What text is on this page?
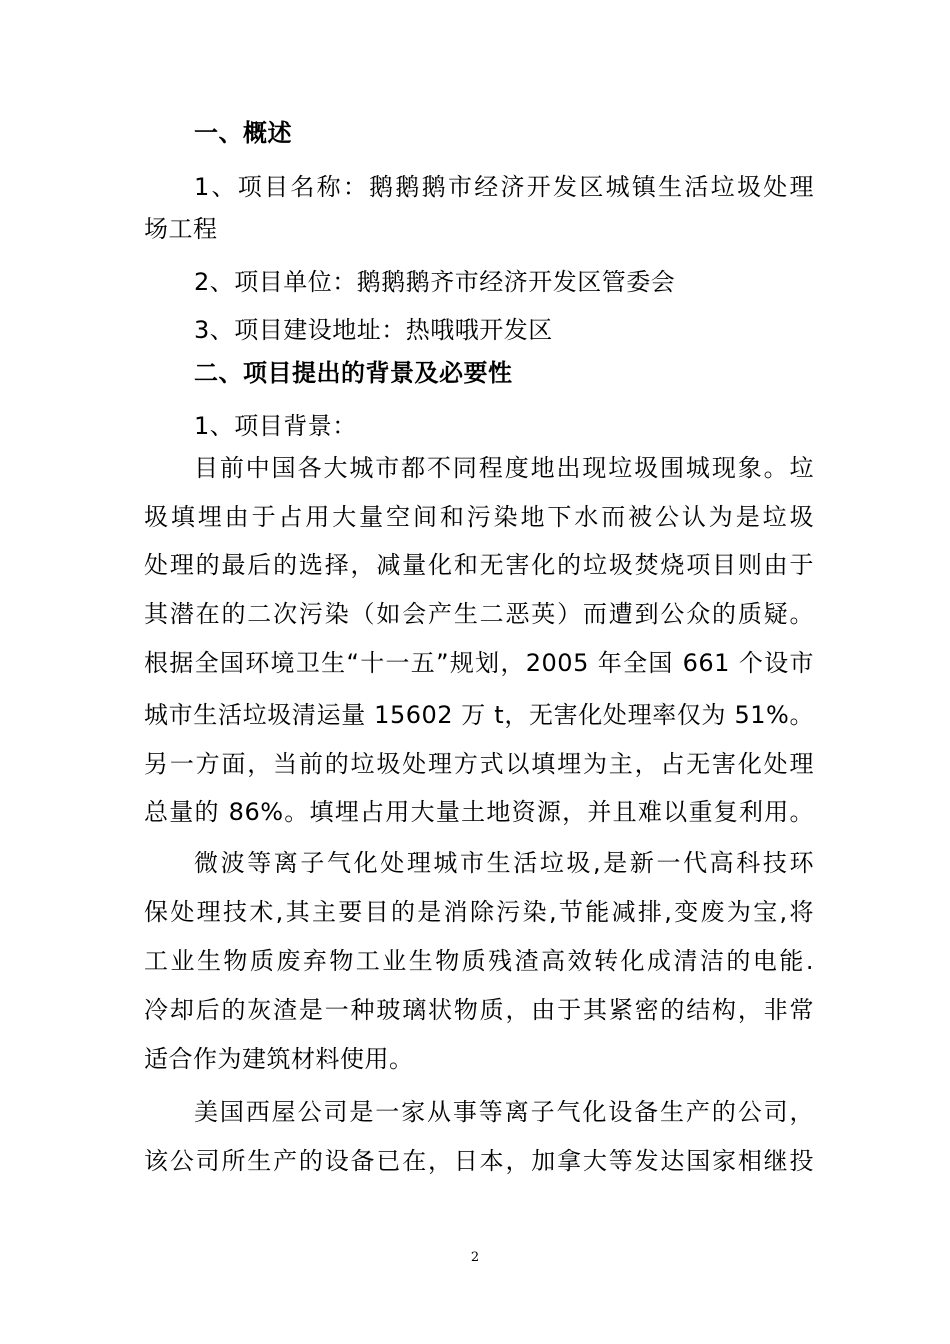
一、概述
1、项目名称：鹅鹅鹅市经济开发区城镇生活垃圾处理
场工程
2、项目单位：鹅鹅鹅齐市经济开发区管委会
3、项目建设地址：热哦哦开发区
二、项目提出的背景及必要性
1、项目背景：
目前中国各大城市都不同程度地出现垃圾围城现象。垃
圾填埋由于占用大量空间和污染地下水而被公认为是垃圾
处理的最后的选择，减量化和无害化的垃圾焚烧项目则由于
其潜在的二次污染（如会产生二恶英）而遭到公众的质疑。
根据全国环境卫生“十一五”规划，2005 年全国 661 个设市
城市生活垃圾清运量 15602 万 t，无害化处理率仅为 51%。
另一方面，当前的垃圾处理方式以填埋为主，占无害化处理
总量的 86%。填埋占用大量土地资源，并且难以重复利用。
微波等离子气化处理城市生活垃圾,是新一代高科技环
保处理技术,其主要目的是消除污染,节能减排,变废为宝,将
工业生物质废弃物工业生物质残渣高效转化成清洁的电能.
冷却后的灰渣是一种玻璃状物质，由于其紧密的结构，非常
适合作为建筑材料使用。
美国西屋公司是一家从事等离子气化设备生产的公司，
该公司所生产的设备已在，日本，加拿大等发达国家相继投
2
